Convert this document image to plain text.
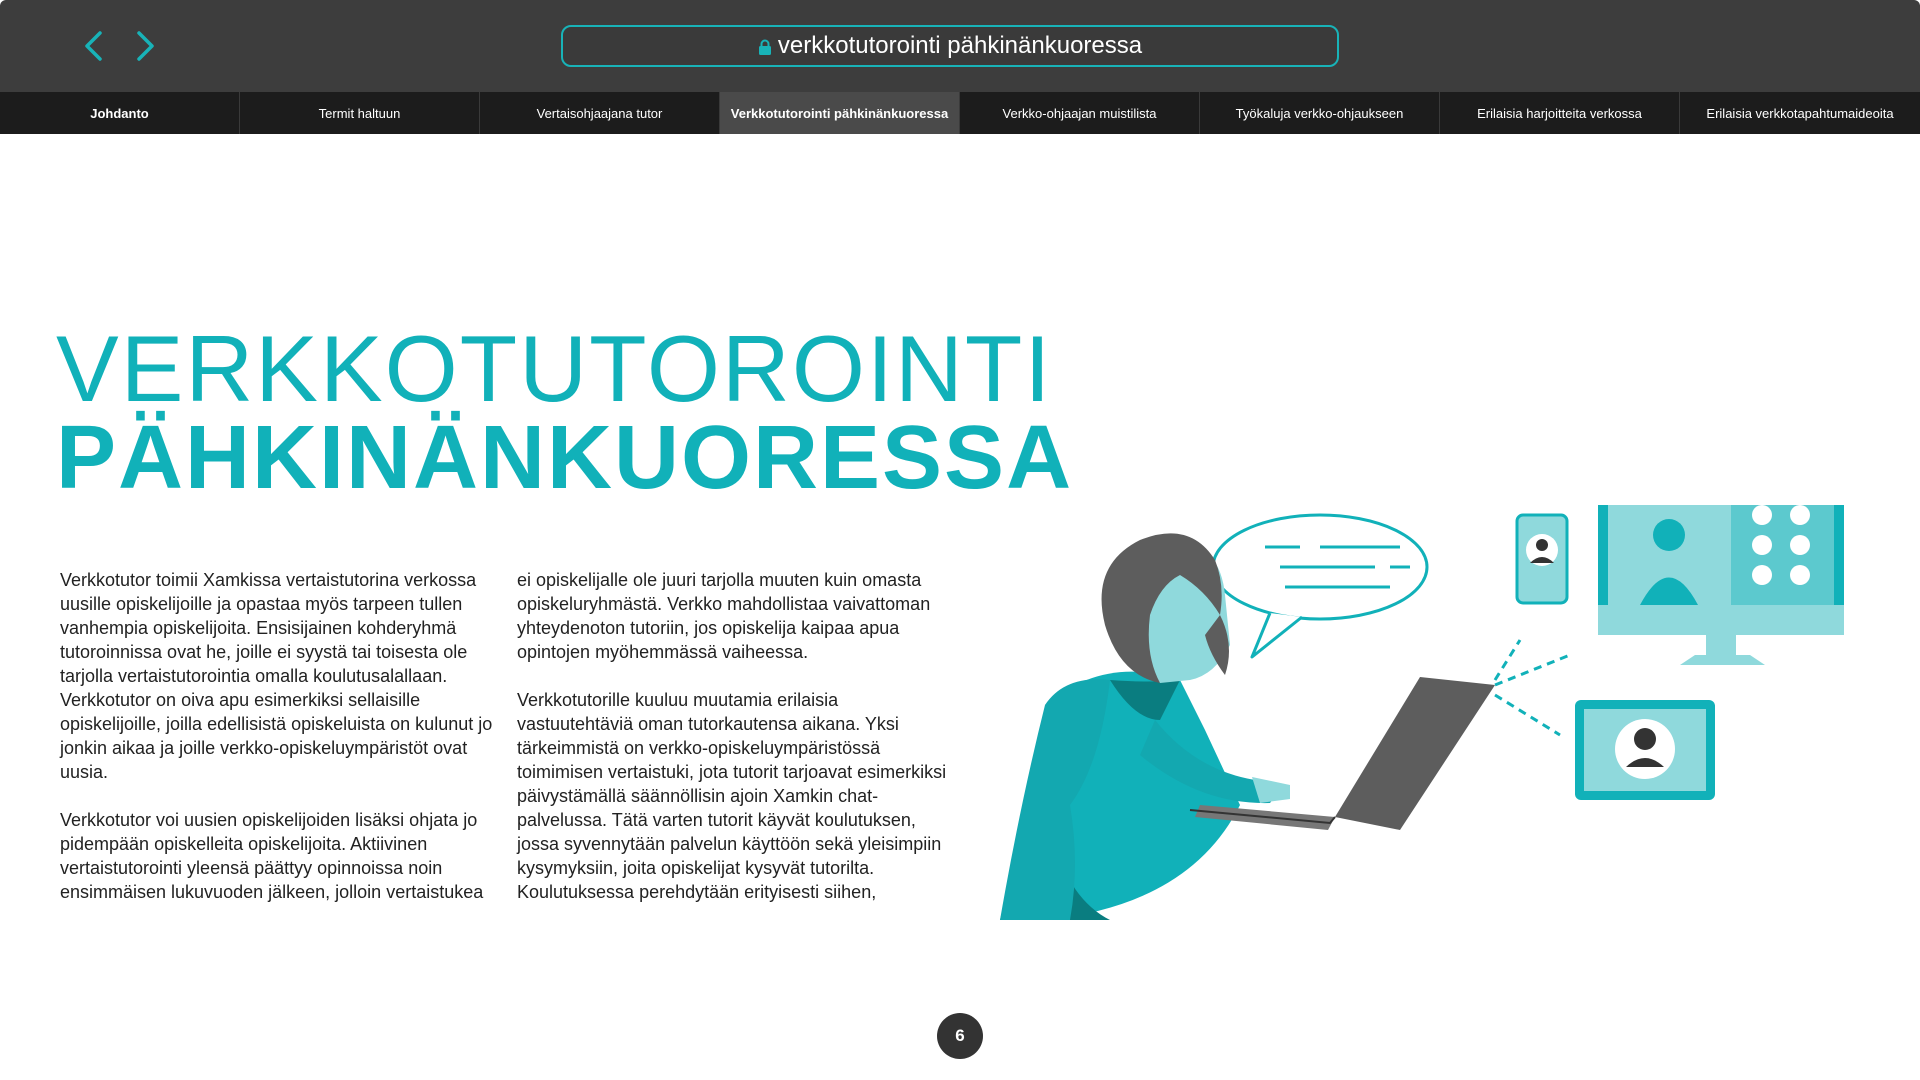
verkkotutorointi pähkinänkuoressa
Johdanto	Termit haltuun	Vertaisohjaajana tutor	Verkkotutorointi pähkinänkuoressa	Verkko-ohjaajan muistilista	Työkaluja verkko-ohjaukseen	Erilaisia harjoitteita verkossa	Erilaisia verkkotapahtumaideoita
VERKKOTUTOROINTI
PÄHKINÄNKUORESSA

Verkkotutor toimii Xamkissa vertaistutorina verkossa uusille opiskelijoille ja opastaa myös tarpeen tullen vanhempia opiskelijoita. Ensisijainen kohderyhmä tutoroinnissa ovat he, joille ei syystä tai toisesta ole tarjolla vertaistutorointia omalla koulutusalallaan. Verkkotutor on oiva apu esimerkiksi sellaisille opiskelijoille, joilla edellisistä opiskeluista on kulunut jo jonkin aikaa ja joille verkko-opiskeluympäristöt ovat uusia.

Verkkotutor voi uusien opiskelijoiden lisäksi ohjata jo pidempään opiskelleita opiskelijoita. Aktiivinen vertaistutorointi yleensä päättyy opinnoissa noin ensimmäisen lukuvuoden jälkeen, jolloin vertaistukea

ei opiskelijalle ole juuri tarjolla muuten kuin omasta opiskeluryhmästä. Verkko mahdollistaa vaivattoman yhteydenoton tutoriin, jos opiskelija kaipaa apua opintojen myöhemmässä vaiheessa.

Verkkotutorille kuuluu muutamia erilaisia vastuutehtäviä oman tutorkautensa aikana. Yksi tärkeimmistä on verkko-opiskeluympäristössä toimimisen vertaistuki, jota tutorit tarjoavat esimerkiksi päivystämällä säännöllisin ajoin Xamkin chat-palvelussa. Tätä varten tutorit käyvät koulutuksen, jossa syvennytään palvelun käyttöön sekä yleisimpiin kysymyksiin, joita opiskelijat kysyvät tutorilta. Koulutuksessa perehdytään erityisesti siihen,

6
